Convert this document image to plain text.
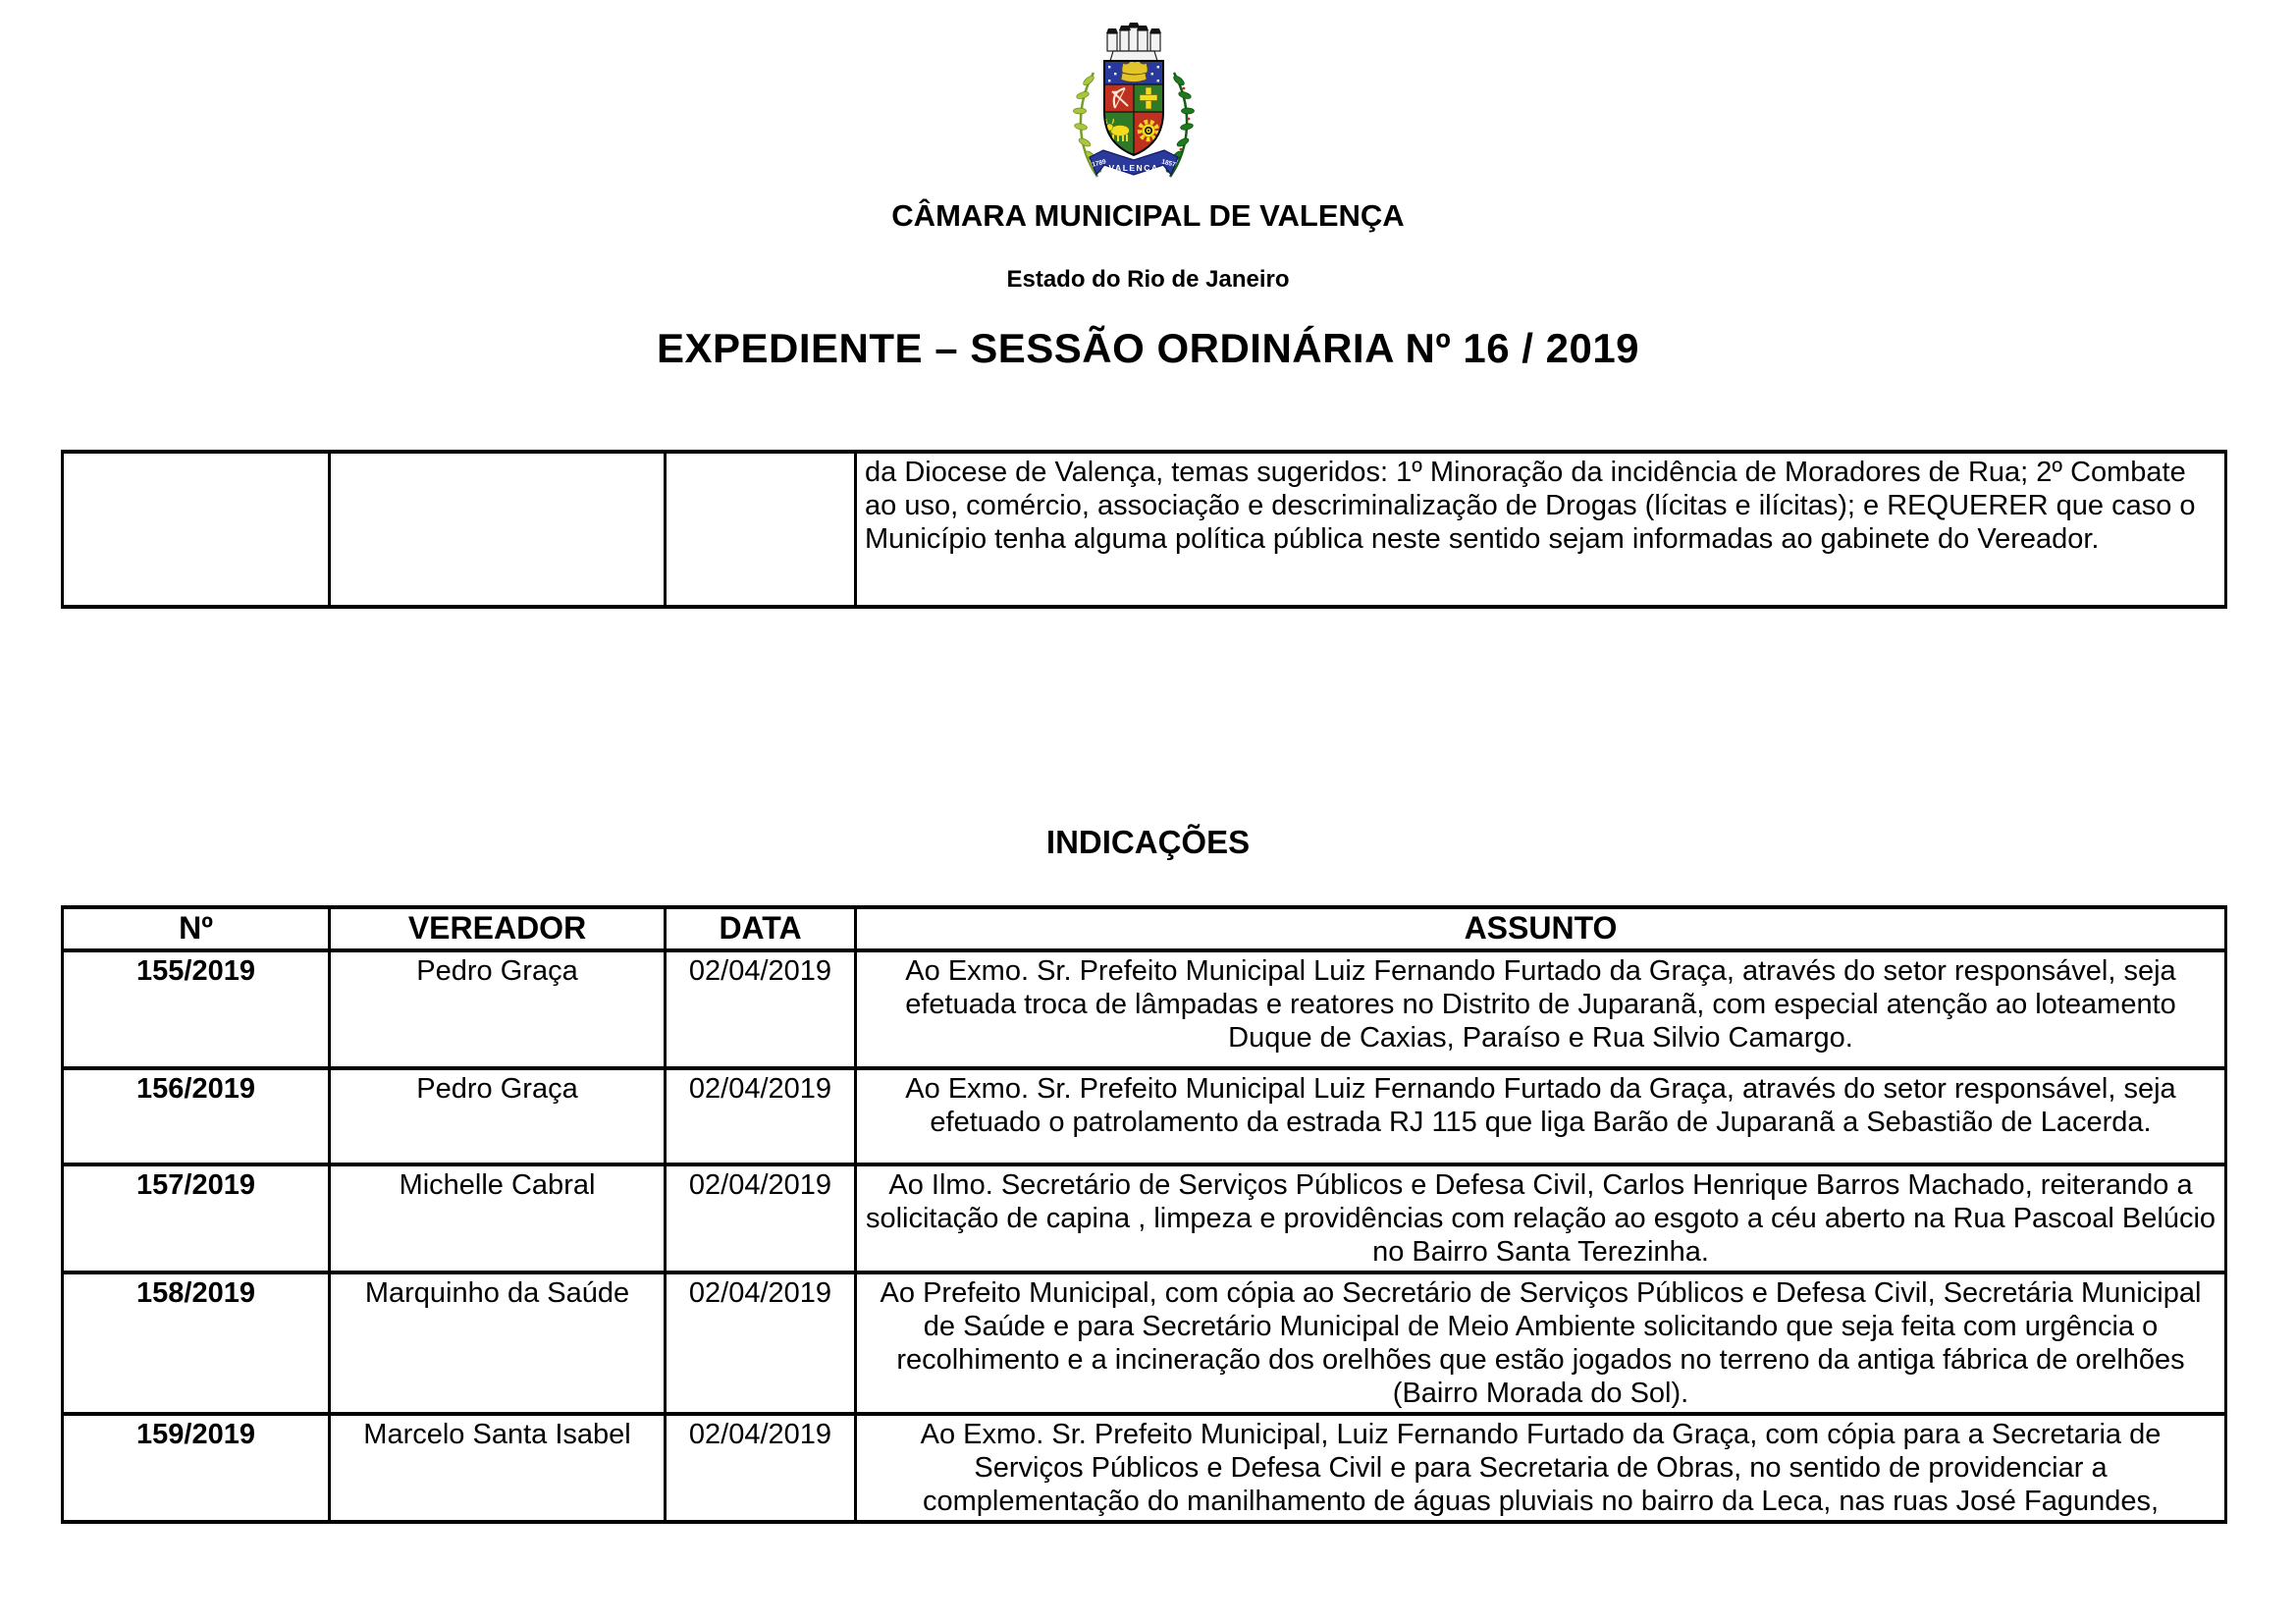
1789 VALENÇA 1857
CÂMARA MUNICIPAL DE VALENÇA
Estado do Rio de Janeiro
EXPEDIENTE – SESSÃO ORDINÁRIA Nº 16 / 2019
			da Diocese de Valença, temas sugeridos: 1º Minoração da incidência de Moradores de Rua; 2º Combate ao uso, comércio, associação e descriminalização de Drogas (lícitas e ilícitas); e REQUERER que caso o Município tenha alguma política pública neste sentido sejam informadas ao gabinete do Vereador.
INDICAÇÕES
Nº	VEREADOR	DATA	ASSUNTO
155/2019	Pedro Graça	02/04/2019	Ao Exmo. Sr. Prefeito Municipal Luiz Fernando Furtado da Graça, através do setor responsável, seja efetuada troca de lâmpadas e reatores no Distrito de Juparanã, com especial atenção ao loteamento Duque de Caxias, Paraíso e Rua Silvio Camargo.
156/2019	Pedro Graça	02/04/2019	Ao Exmo. Sr. Prefeito Municipal Luiz Fernando Furtado da Graça, através do setor responsável, seja efetuado o patrolamento da estrada RJ 115 que liga Barão de Juparanã a Sebastião de Lacerda.
157/2019	Michelle Cabral	02/04/2019	Ao Ilmo. Secretário de Serviços Públicos e Defesa Civil, Carlos Henrique Barros Machado, reiterando a solicitação de capina , limpeza e providências com relação ao esgoto a céu aberto na Rua Pascoal Belúcio no Bairro Santa Terezinha.
158/2019	Marquinho da Saúde	02/04/2019	Ao Prefeito Municipal, com cópia ao Secretário de Serviços Públicos e Defesa Civil, Secretária Municipal de Saúde e para Secretário Municipal de Meio Ambiente solicitando que seja feita com urgência o recolhimento e a incineração dos orelhões que estão jogados no terreno da antiga fábrica de orelhões (Bairro Morada do Sol).
159/2019	Marcelo Santa Isabel	02/04/2019	Ao Exmo. Sr. Prefeito Municipal, Luiz Fernando Furtado da Graça, com cópia para a Secretaria de Serviços Públicos e Defesa Civil e para Secretaria de Obras, no sentido de providenciar a complementação do manilhamento de águas pluviais no bairro da Leca, nas ruas José Fagundes,
